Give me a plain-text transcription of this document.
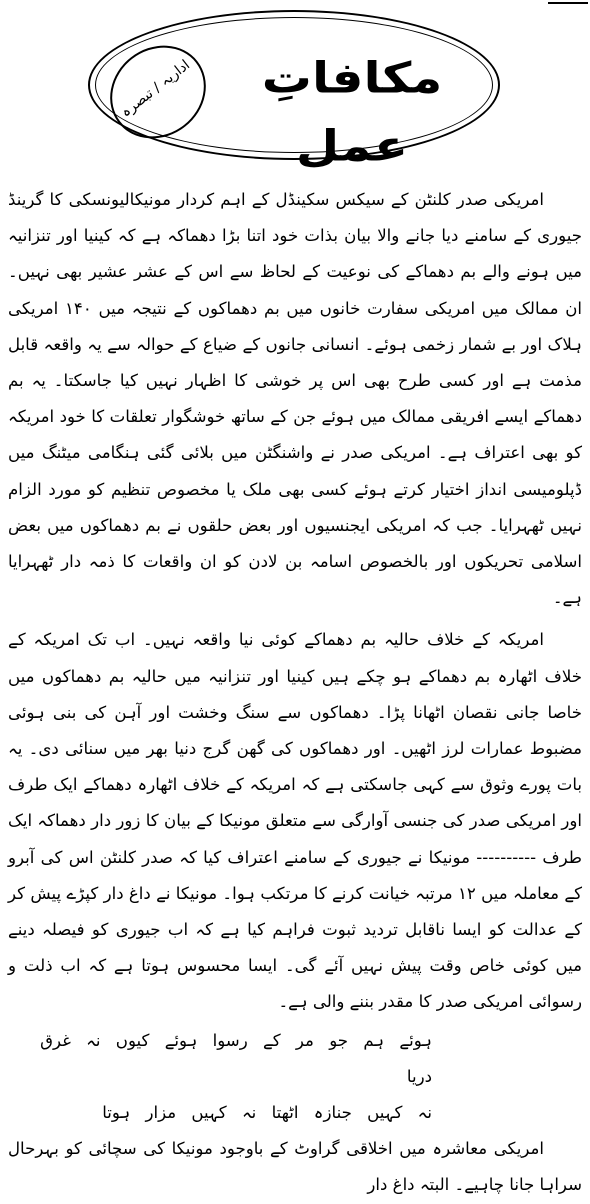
مکافاتِ عمل
اداریہ / تبصرہ

امریکی صدر کلنٹن کے سیکس سکینڈل کے اہم کردار مونیکالیونسکی کا گرینڈ جیوری کے سامنے دیا جانے والا بیان بذات خود اتنا بڑا دھماکہ ہے کہ کینیا اور تنزانیہ میں ہونے والے بم دھماکے کی نوعیت کے لحاظ سے اس کے عشر عشیر بھی نہیں۔ ان ممالک میں امریکی سفارت خانوں میں بم دھماکوں کے نتیجہ میں ۱۴۰ امریکی ہلاک اور بے شمار زخمی ہوئے۔ انسانی جانوں کے ضیاع کے حوالہ سے یہ واقعہ قابل مذمت ہے اور کسی طرح بھی اس پر خوشی کا اظہار نہیں کیا جاسکتا۔ یہ بم دھماکے ایسے افریقی ممالک میں ہوئے جن کے ساتھ خوشگوار تعلقات کا خود امریکہ کو بھی اعتراف ہے۔ امریکی صدر نے واشنگٹن میں بلائی گئی ہنگامی میٹنگ میں ڈپلومیسی انداز اختیار کرتے ہوئے کسی بھی ملک یا مخصوص تنظیم کو مورد الزام نہیں ٹھہرایا۔ جب کہ امریکی ایجنسیوں اور بعض حلقوں نے بم دھماکوں میں بعض اسلامی تحریکوں اور بالخصوص اسامہ بن لادن کو ان واقعات کا ذمہ دار ٹھہرایا ہے۔

امریکہ کے خلاف حالیہ بم دھماکے کوئی نیا واقعہ نہیں۔ اب تک امریکہ کے خلاف اٹھارہ بم دھماکے ہو چکے ہیں کینیا اور تنزانیہ میں حالیہ بم دھماکوں میں خاصا جانی نقصان اٹھانا پڑا۔ دھماکوں سے سنگ وخشت اور آہن کی بنی ہوئی مضبوط عمارات لرز اٹھیں۔ اور دھماکوں کی گھن گرج دنیا بھر میں سنائی دی۔ یہ بات پورے وثوق سے کہی جاسکتی ہے کہ امریکہ کے خلاف اٹھارہ دھماکے ایک طرف اور امریکی صدر کی جنسی آوارگی سے متعلق مونیکا کے بیان کا زور دار دھماکہ ایک طرف ---------- مونیکا نے جیوری کے سامنے اعتراف کیا کہ صدر کلنٹن اس کی آبرو کے معاملہ میں ۱۲ مرتبہ خیانت کرنے کا مرتکب ہوا۔ مونیکا نے داغ دار کپڑے پیش کر کے عدالت کو ایسا ناقابل تردید ثبوت فراہم کیا ہے کہ اب جیوری کو فیصلہ دینے میں کوئی خاص وقت پیش نہیں آئے گی۔ ایسا محسوس ہوتا ہے کہ اب ذلت و رسوائی امریکی صدر کا مقدر بننے والی ہے۔

ہوئے ہم جو مر کے رسوا ہوئے کیوں نہ غرق دریا
نہ کہیں جنازہ اٹھتا نہ کہیں مزار ہوتا

امریکی معاشرہ میں اخلاقی گراوٹ کے باوجود مونیکا کی سچائی کو بہرحال سراہا جانا چاہیے۔ البتہ داغ دار
